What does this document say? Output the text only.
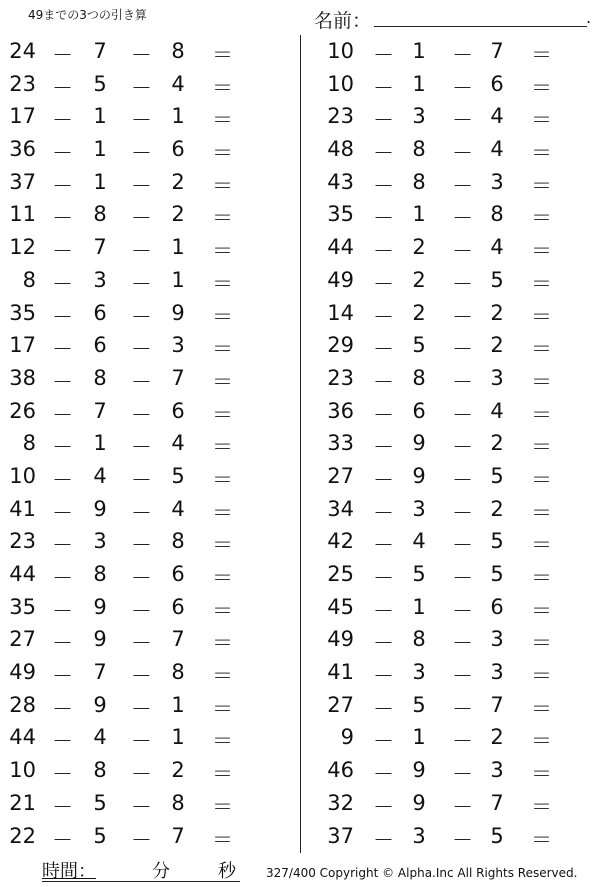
49までの3つの引き算	名前：	.
24 － 7 － 8 ＝
23 － 5 － 4 ＝
17 － 1 － 1 ＝
36 － 1 － 6 ＝
37 － 1 － 2 ＝
11 － 8 － 2 ＝
12 － 7 － 1 ＝
8 － 3 － 1 ＝
35 － 6 － 9 ＝
17 － 6 － 3 ＝
38 － 8 － 7 ＝
26 － 7 － 6 ＝
8 － 1 － 4 ＝
10 － 4 － 5 ＝
41 － 9 － 4 ＝
23 － 3 － 8 ＝
44 － 8 － 6 ＝
35 － 9 － 6 ＝
27 － 9 － 7 ＝
49 － 7 － 8 ＝
28 － 9 － 1 ＝
44 － 4 － 1 ＝
10 － 8 － 2 ＝
21 － 5 － 8 ＝
22 － 5 － 7 ＝
10 － 1 － 7 ＝
10 － 1 － 6 ＝
23 － 3 － 4 ＝
48 － 8 － 4 ＝
43 － 8 － 3 ＝
35 － 1 － 8 ＝
44 － 2 － 4 ＝
49 － 2 － 5 ＝
14 － 2 － 2 ＝
29 － 5 － 2 ＝
23 － 8 － 3 ＝
36 － 6 － 4 ＝
33 － 9 － 2 ＝
27 － 9 － 5 ＝
34 － 3 － 2 ＝
42 － 4 － 5 ＝
25 － 5 － 5 ＝
45 － 1 － 6 ＝
49 － 8 － 3 ＝
41 － 3 － 3 ＝
27 － 5 － 7 ＝
9 － 1 － 2 ＝
46 － 9 － 3 ＝
32 － 9 － 7 ＝
37 － 3 － 5 ＝
時間：	分	秒	327/400 Copyright © Alpha.Inc All Rights Reserved.
